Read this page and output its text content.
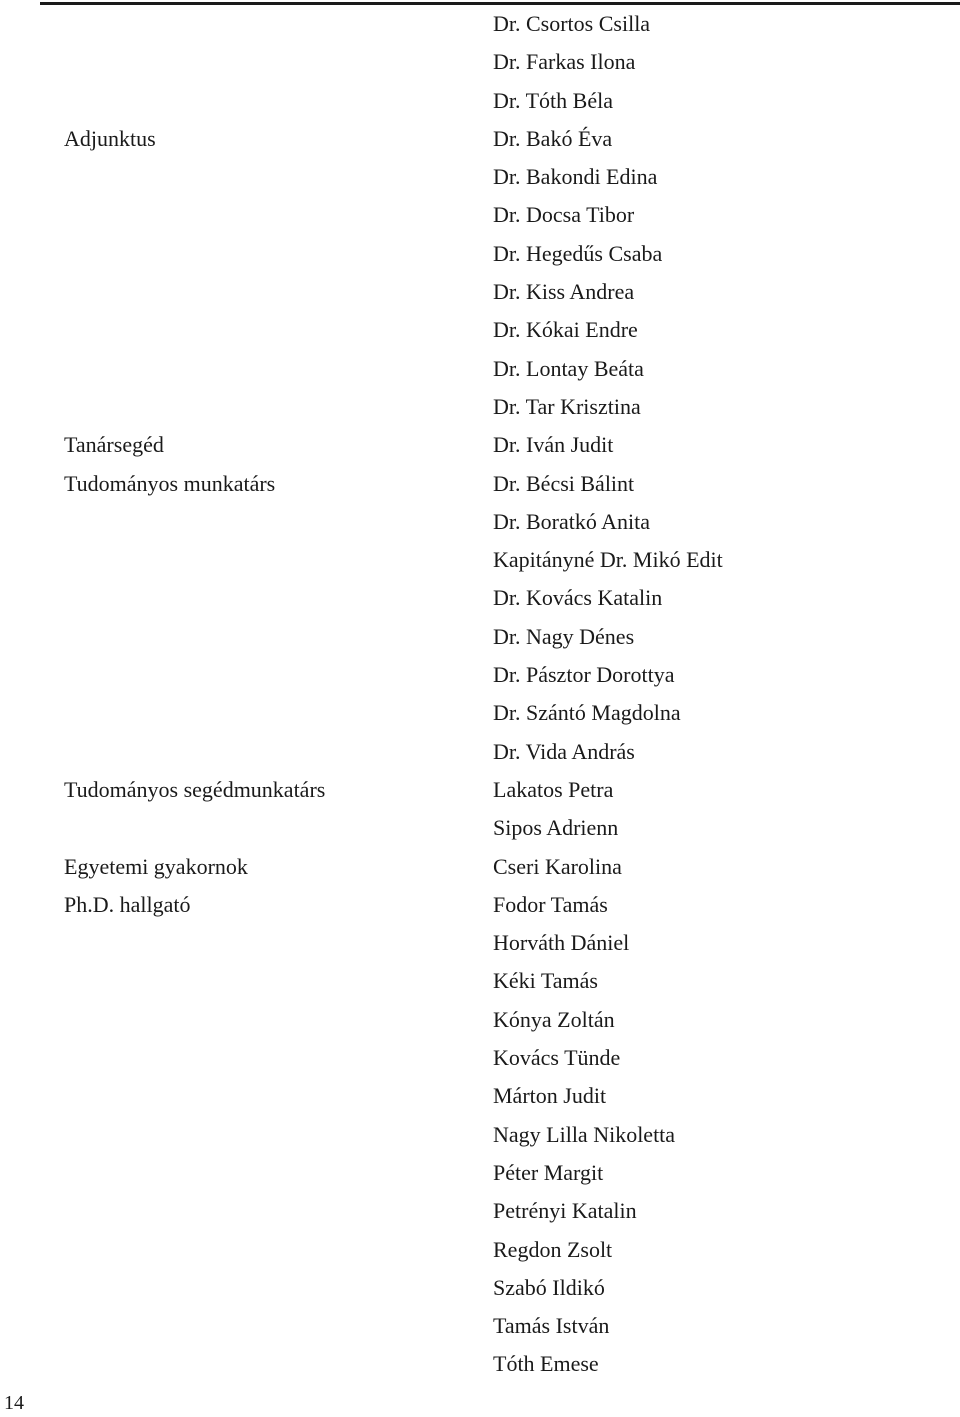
Dr. Csortos Csilla
Dr. Farkas Ilona
Dr. Tóth Béla
Adjunktus	Dr. Bakó Éva
Dr. Bakondi Edina
Dr. Docsa Tibor
Dr. Hegedűs Csaba
Dr. Kiss Andrea
Dr. Kókai Endre
Dr. Lontay Beáta
Dr. Tar Krisztina
Tanársegéd	Dr. Iván Judit
Tudományos munkatárs	Dr. Bécsi Bálint
Dr. Boratkó Anita
Kapitányné Dr. Mikó Edit
Dr. Kovács Katalin
Dr. Nagy Dénes
Dr. Pásztor Dorottya
Dr. Szántó Magdolna
Dr. Vida András
Tudományos segédmunkatárs	Lakatos Petra
Sipos Adrienn
Egyetemi gyakornok	Cseri Karolina
Ph.D. hallgató	Fodor Tamás
Horváth Dániel
Kéki Tamás
Kónya Zoltán
Kovács Tünde
Márton Judit
Nagy Lilla Nikoletta
Péter Margit
Petrényi Katalin
Regdon Zsolt
Szabó Ildikó
Tamás István
Tóth Emese
14
